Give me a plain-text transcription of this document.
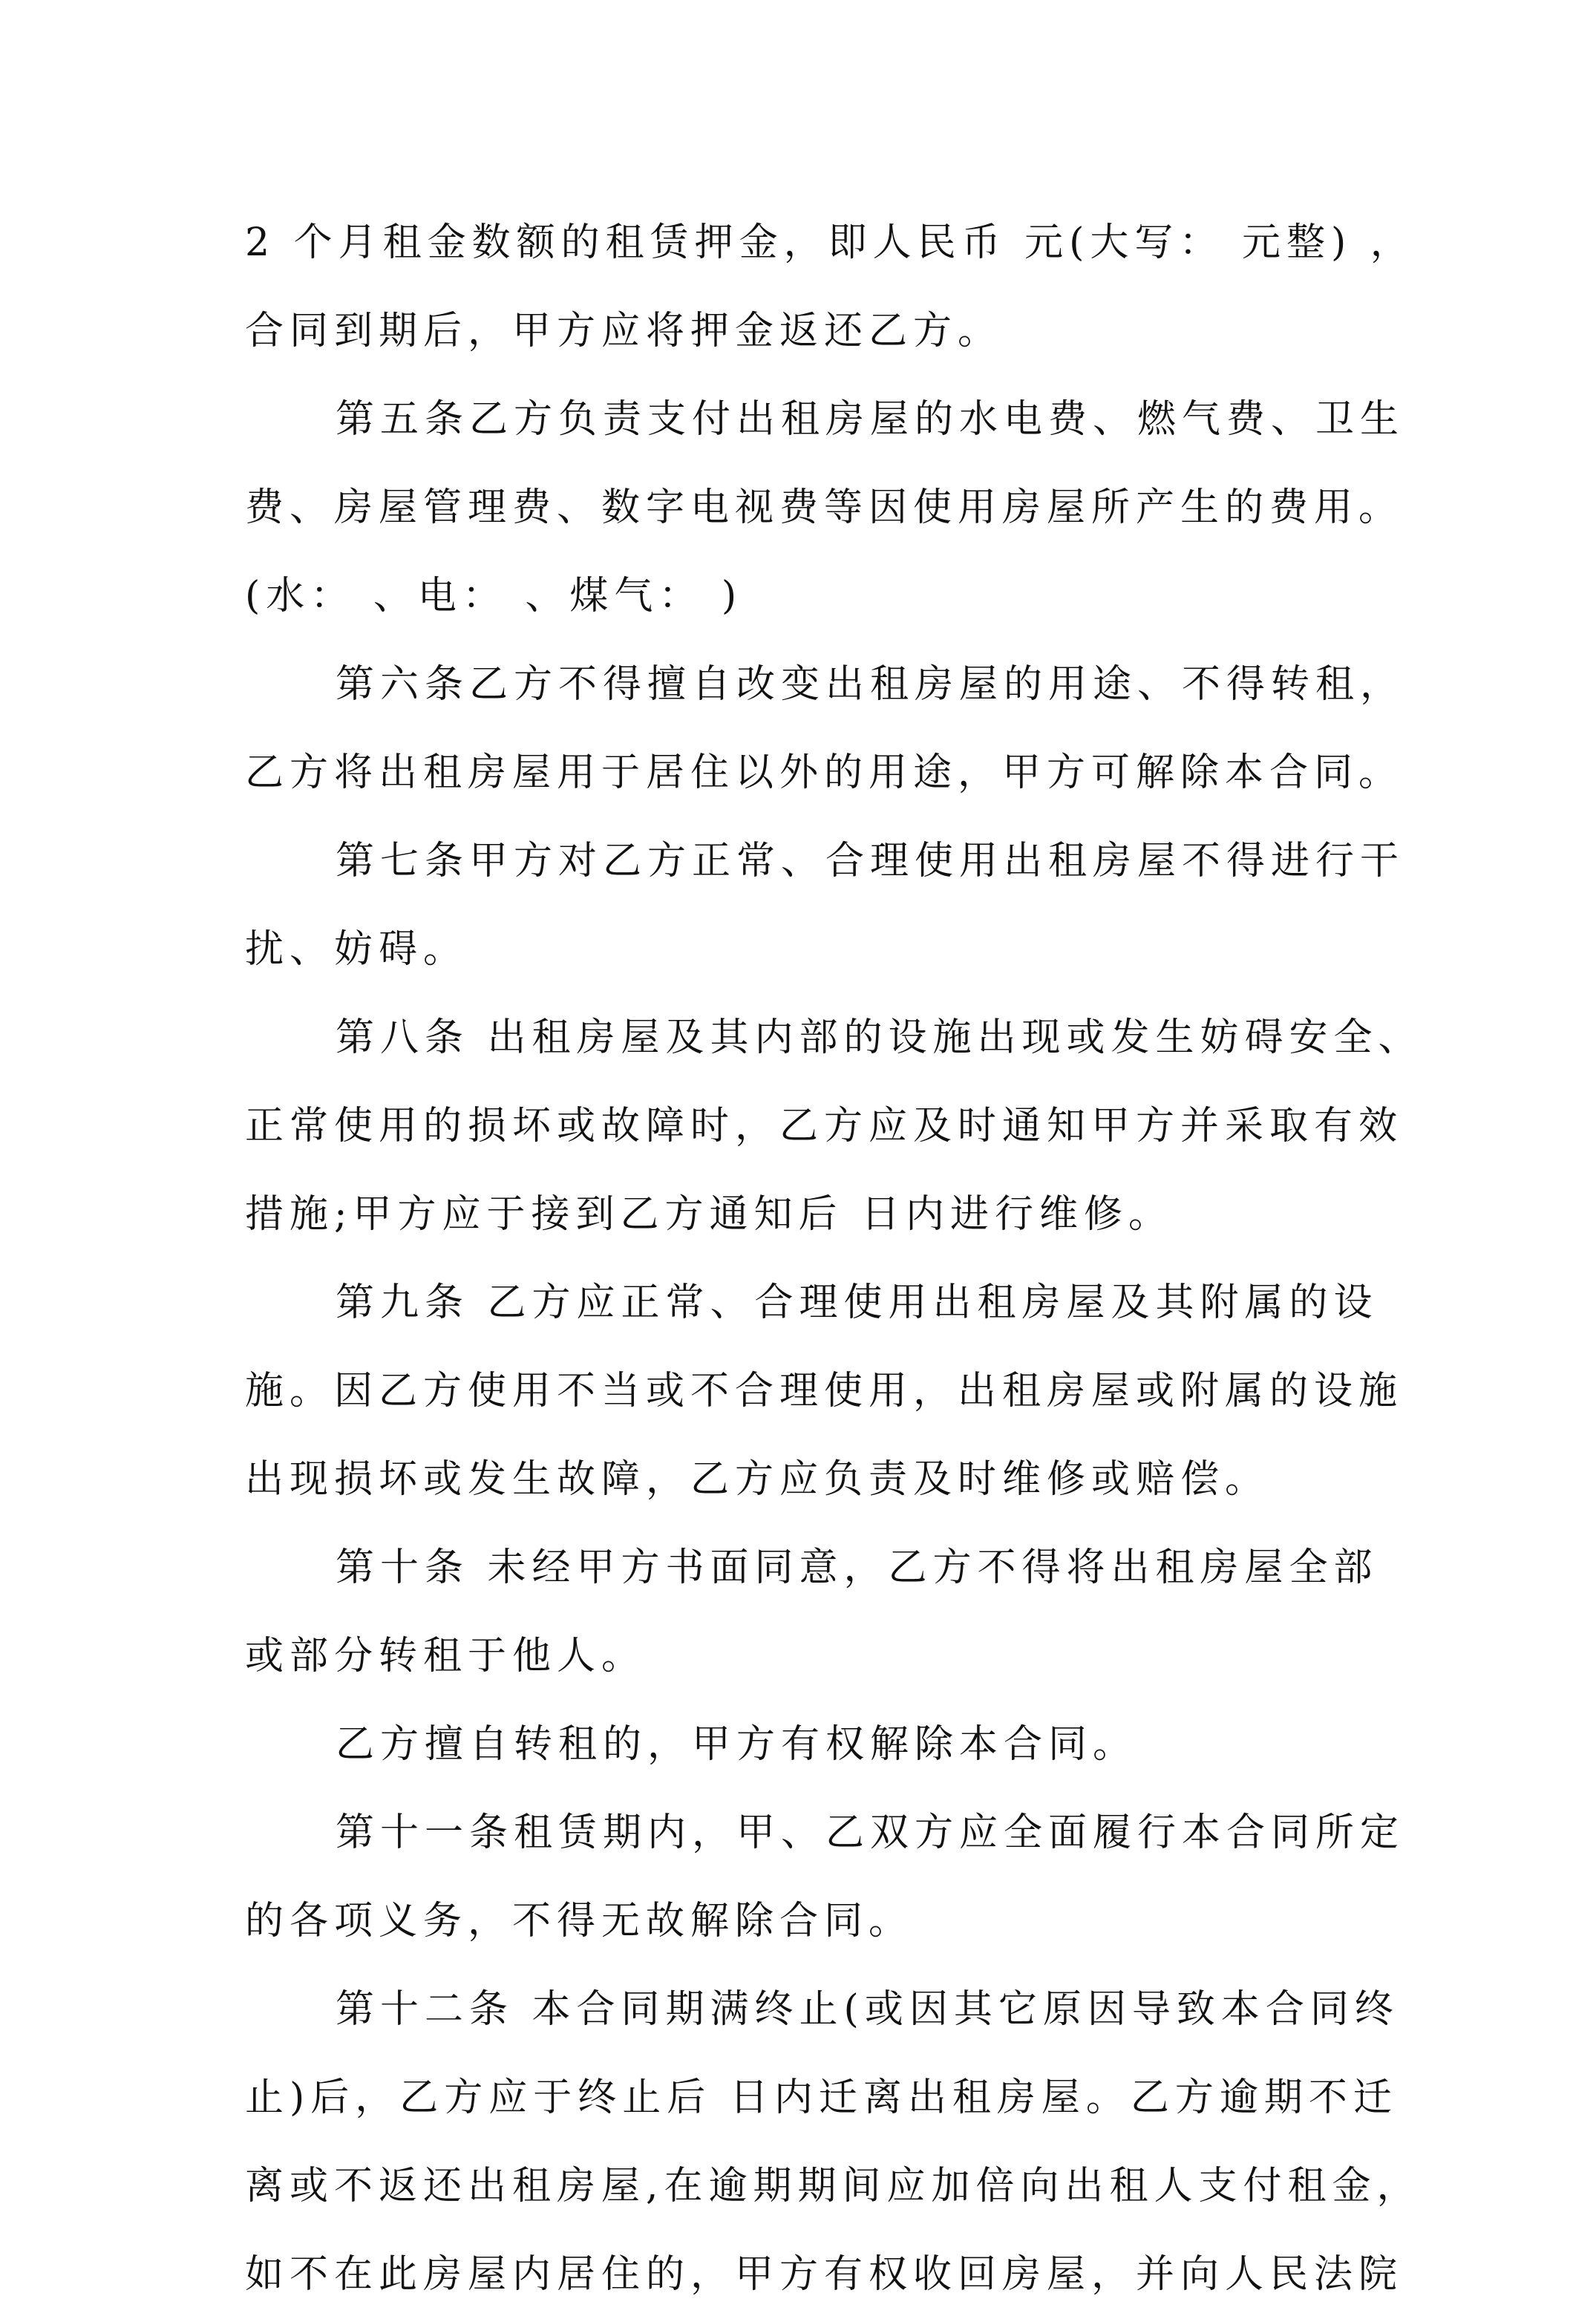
2 个月租金数额的租赁押金，即人民币 元(大写： 元整) ，
合同到期后，甲方应将押金返还乙方。
第五条乙方负责支付出租房屋的水电费、燃气费、卫生
费、房屋管理费、数字电视费等因使用房屋所产生的费用。
(水： 、电： 、煤气： )
第六条乙方不得擅自改变出租房屋的用途、不得转租，
乙方将出租房屋用于居住以外的用途，甲方可解除本合同。
第七条甲方对乙方正常、合理使用出租房屋不得进行干
扰、妨碍。
第八条 出租房屋及其内部的设施出现或发生妨碍安全、
正常使用的损坏或故障时，乙方应及时通知甲方并采取有效
措施;甲方应于接到乙方通知后 日内进行维修。
第九条 乙方应正常、合理使用出租房屋及其附属的设
施。因乙方使用不当或不合理使用，出租房屋或附属的设施
出现损坏或发生故障，乙方应负责及时维修或赔偿。
第十条 未经甲方书面同意，乙方不得将出租房屋全部
或部分转租于他人。
乙方擅自转租的，甲方有权解除本合同。
第十一条租赁期内，甲、乙双方应全面履行本合同所定
的各项义务，不得无故解除合同。
第十二条 本合同期满终止(或因其它原因导致本合同终
止)后，乙方应于终止后 日内迁离出租房屋。乙方逾期不迁
离或不返还出租房屋,在逾期期间应加倍向出租人支付租金，
如不在此房屋内居住的，甲方有权收回房屋，并向人民法院
